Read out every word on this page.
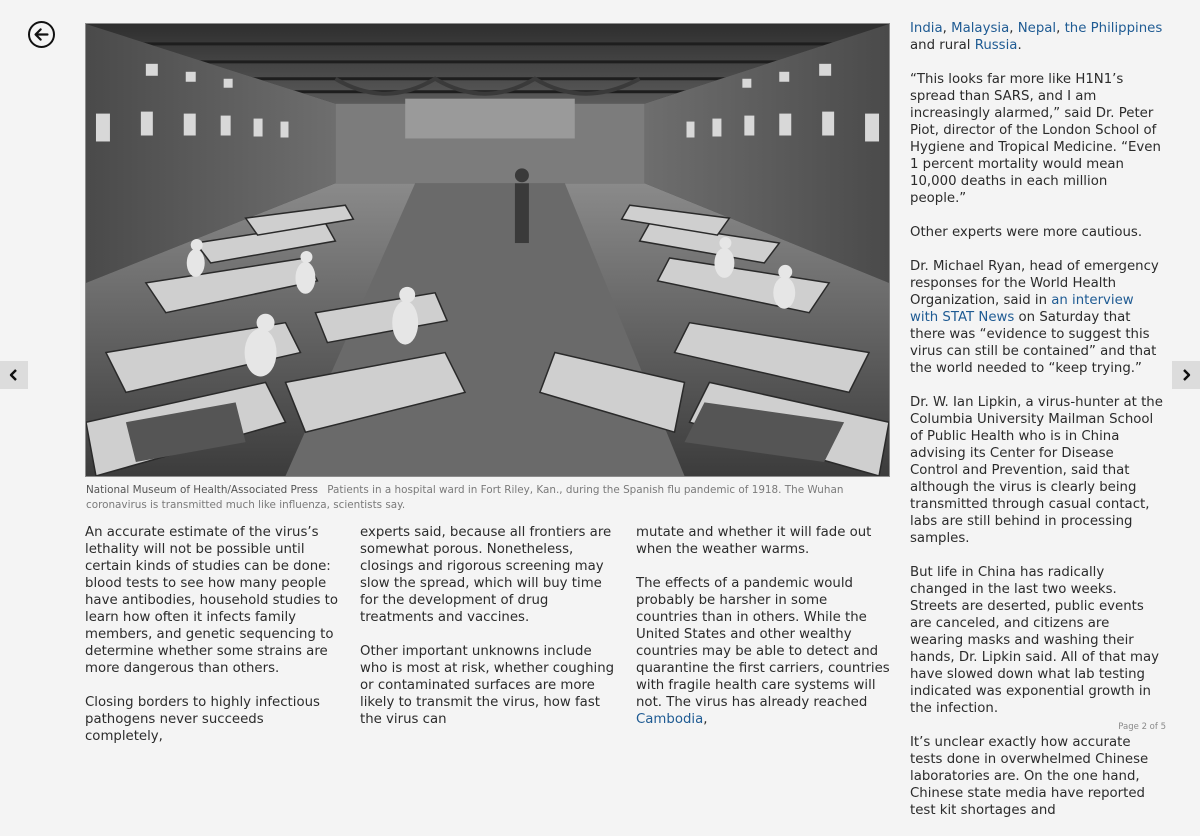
National Museum of Health/Associated Press Patients in a hospital ward in Fort Riley, Kan., during the Spanish flu pandemic of 1918. The Wuhan coronavirus is transmitted much like influenza, scientists say.

An accurate estimate of the virus’s lethality will not be possible until certain kinds of studies can be done: blood tests to see how many people have antibodies, household studies to learn how often it infects family members, and genetic sequencing to determine whether some strains are more dangerous than others.

Closing borders to highly infectious pathogens never succeeds completely,

experts said, because all frontiers are somewhat porous. Nonetheless, closings and rigorous screening may slow the spread, which will buy time for the development of drug treatments and vaccines.

Other important unknowns include who is most at risk, whether coughing or contaminated surfaces are more likely to transmit the virus, how fast the virus can

mutate and whether it will fade out when the weather warms.

The effects of a pandemic would probably be harsher in some countries than in others. While the United States and other wealthy countries may be able to detect and quarantine the first carriers, countries with fragile health care systems will not. The virus has already reached Cambodia,

India, Malaysia, Nepal, the Philippines and rural Russia.

“This looks far more like H1N1’s spread than SARS, and I am increasingly alarmed,” said Dr. Peter Piot, director of the London School of Hygiene and Tropical Medicine. “Even 1 percent mortality would mean 10,000 deaths in each million people.”

Other experts were more cautious.

Dr. Michael Ryan, head of emergency responses for the World Health Organization, said in an interview with STAT News on Saturday that there was “evidence to suggest this virus can still be contained” and that the world needed to “keep trying.”

Dr. W. Ian Lipkin, a virus-hunter at the Columbia University Mailman School of Public Health who is in China advising its Center for Disease Control and Prevention, said that although the virus is clearly being transmitted through casual contact, labs are still behind in processing samples.

But life in China has radically changed in the last two weeks. Streets are deserted, public events are canceled, and citizens are wearing masks and washing their hands, Dr. Lipkin said. All of that may have slowed down what lab testing indicated was exponential growth in the infection.

It’s unclear exactly how accurate tests done in overwhelmed Chinese laboratories are. On the one hand, Chinese state media have reported test kit shortages and

Page 2 of 5
